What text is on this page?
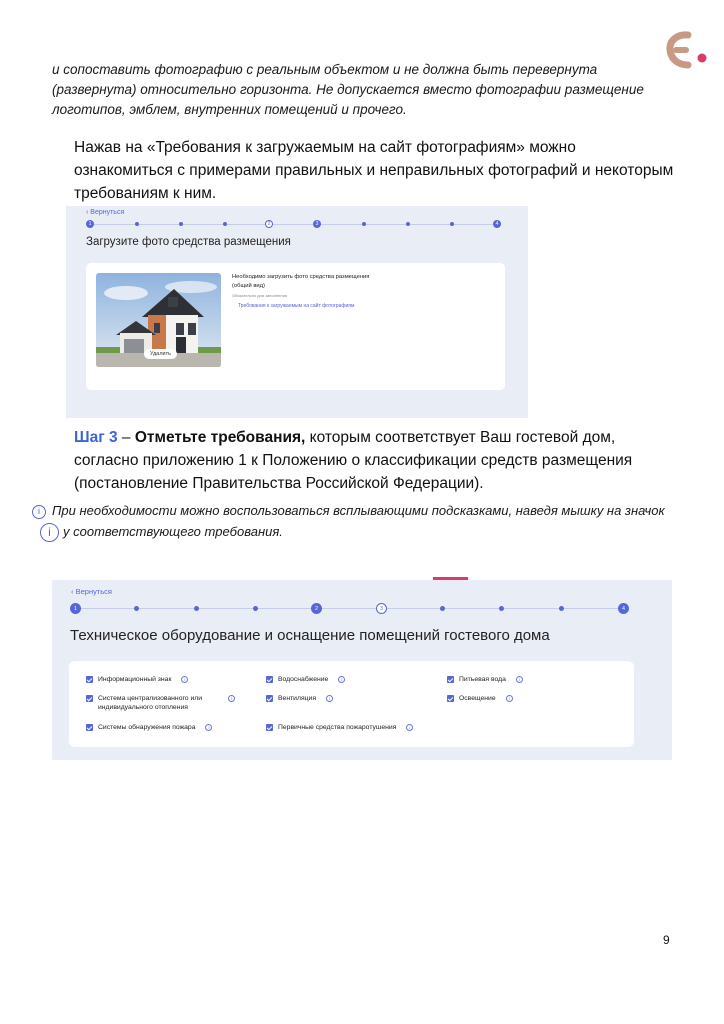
и сопоставить фотографию с реальным объектом и не должна быть перевернута (развернута) относительно горизонта. Не допускается вместо фотографии размещение логотипов, эмблем, внутренних помещений и прочего.
Нажав на «Требования к загружаемым на сайт фотографиям» можно ознакомиться с примерами правильных и неправильных фотографий и некоторым требованиям к ним.
‹ Вернуться
1	2	3	4
Загрузите фото средства размещения
Удалить
Необходимо загрузить фото средства размещения (общий вид)
Обязательно для заполнения
Требования к загружаемым на сайт фотографиям
Шаг 3 – Отметьте требования, которым соответствует Ваш гостевой дом, согласно приложению 1 к Положению о классификации средств размещения (постановление Правительства Российской Федерации).
i При необходимости можно воспользоваться всплывающими подсказками, наведя мышку на значокi у соответствующего требования.
‹ Вернуться
1	2	3	4
Техническое оборудование и оснащение помещений гостевого дома
Информационный знак	i
Система централизованного или индивидуального отопления
i
Системы обнаружения пожара	i
Водоснабжение	i
Вентиляция	i
Первичные средства пожаротушения	i
Питьевая вода	i
Освещение	i
9
